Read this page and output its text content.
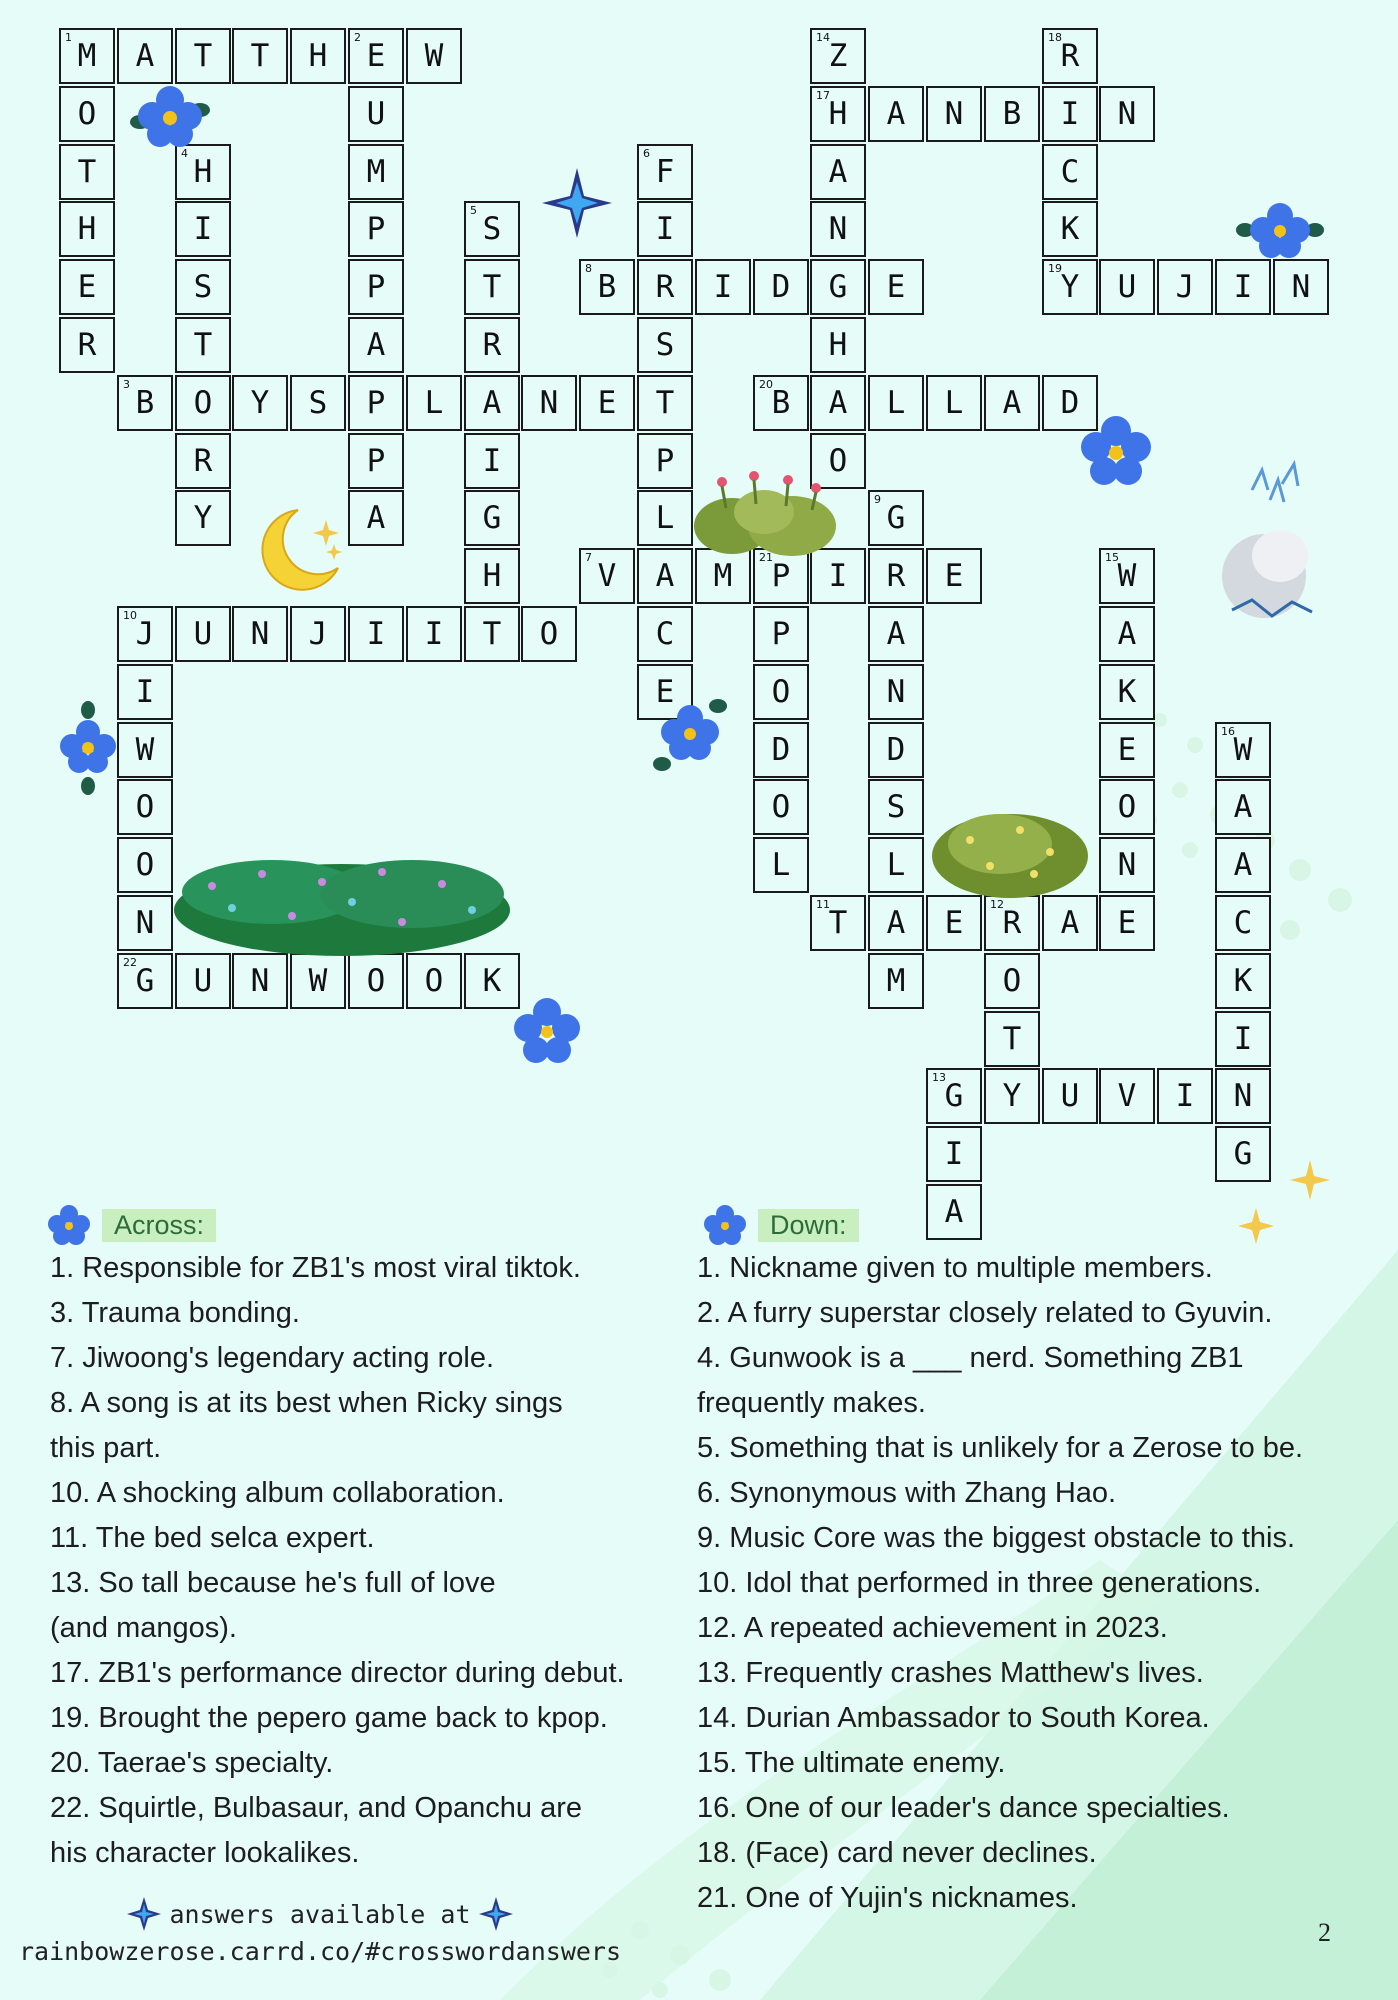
1 M A T T H 2 E W
O
T
H
E
R
U
M
P
P
A
P
P
A
4 H
I
S
T
O
R
Y
3 B	Y S	L A N E T
5 S
T
R
I
G
H
T
6 F
I
R
S
P
L
A
C
E
8 B	I D G E
14
Z
17
H
A
N
H
A
O
A N B I N
18
R
C
K
19
Y U J I N
20
B	L L A D
7 V	M 21
P I R E
9 G
A
N
D
S
L
A
M
P
O
D
O
L
10
J U N J I I	O
I
W
O
O
N
22
G U N W O O K
15
W
A
K
E
O
N
11
T	E 12
R A E
O
T
Y
13
G	U V I
I
A
16
W
A
A
C
K
I
N
G
Across:
1. Responsible for ZB1's most viral tiktok.
3. Trauma bonding.
7. Jiwoong's legendary acting role.
8. A song is at its best when Ricky sings
this part.
10. A shocking album collaboration.
11. The bed selca expert.
13. So tall because he's full of love
(and mangos).
17. ZB1's performance director during debut.
19. Brought the pepero game back to kpop.
20. Taerae's specialty.
22. Squirtle, Bulbasaur, and Opanchu are
his character lookalikes.
Down:
1. Nickname given to multiple members.
2. A furry superstar closely related to Gyuvin.
4. Gunwook is a ___ nerd. Something ZB1
frequently makes.
5. Something that is unlikely for a Zerose to be.
6. Synonymous with Zhang Hao.
9. Music Core was the biggest obstacle to this.
10. Idol that performed in three generations.
12. A repeated achievement in 2023.
13. Frequently crashes Matthew's lives.
14. Durian Ambassador to South Korea.
15. The ultimate enemy.
16. One of our leader's dance specialties.
18. (Face) card never declines.
21. One of Yujin's nicknames.
answers available at
rainbowzerose.carrd.co/#crosswordanswers
2
